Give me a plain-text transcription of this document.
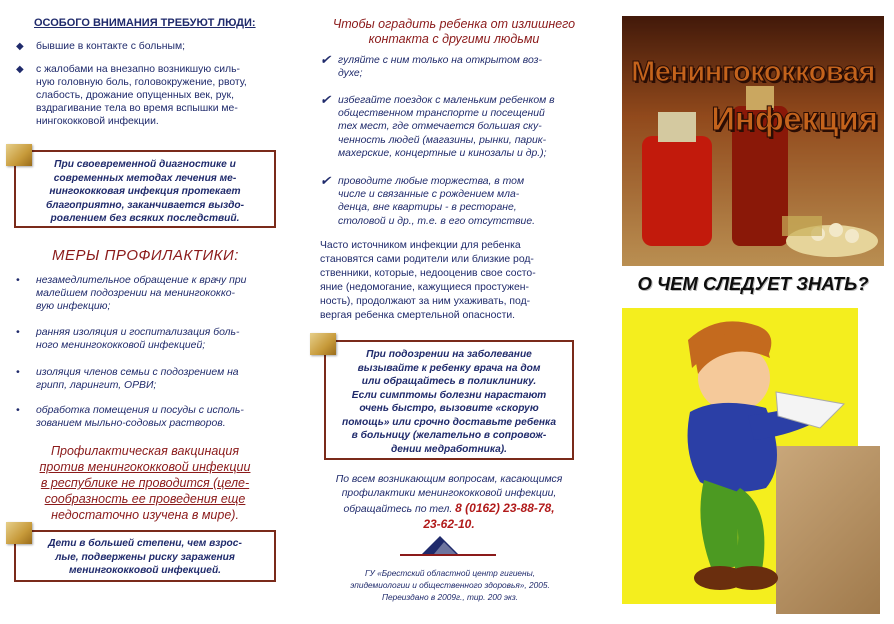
ОСОБОГО ВНИМАНИЯ ТРЕБУЮТ ЛЮДИ:
◆ бывшие в контакте с больным;
◆ с жалобами на внезапно возникшую силь-
ную головную боль, головокружение, рвоту,
слабость, дрожание опущенных век, рук,
вздрагивание тела во время вспышки ме-
нингококковой инфекции.
При своевременной диагностике и
современных методах лечения ме-
нингококковая инфекция протекает
благоприятно, заканчивается выздо-
ровлением без всяких последствий.
МЕРЫ ПРОФИЛАКТИКИ:
• незамедлительное обращение к врачу при
малейшем подозрении на менингококко-
вую инфекцию;
• ранняя изоляция и госпитализация боль-
ного менингококковой инфекцией;
• изоляция членов семьи с подозрением на
грипп, ларингит, ОРВИ;
• обработка помещения и посуды с исполь-
зованием мыльно-содовых растворов.
Профилактическая вакцинация
против менингококковой инфекции
в республике не проводится (целе-
сообразность ее проведения еще
недостаточно изучена в мире).
Дети в большей степени, чем взрос-
лые, подвержены риску заражения
менингококковой инфекцией.
Чтобы оградить ребенка от излишнего
контакта с другими людьми
✔ гуляйте с ним только на открытом воз-
духе;
✔ избегайте поездок с маленьким ребенком в
общественном транспорте и посещений
тех мест, где отмечается большая ску-
ченность людей (магазины, рынки, парик-
махерские, концертные и кинозалы и др.);
✔ проводите любые торжества, в том
числе и связанные с рождением мла-
денца, вне квартиры - в ресторане,
столовой и др., т.е. в его отсутствие.
Часто источником инфекции для ребенка
становятся сами родители или близкие род-
ственники, которые, недооценив свое состо-
яние (недомогание, кажущиеся простужен-
ность), продолжают за ним ухаживать, под-
вергая ребенка смертельной опасности.
При подозрении на заболевание
вызывайте к ребенку врача на дом
или обращайтесь в поликлинику.
Если симптомы болезни нарастают
очень быстро, вызовите «скорую
помощь» или срочно доставьте ребенка
в больницу (желательно в сопровож-
дении медработника).
По всем возникающим вопросам, касающимся
профилактики менингококковой инфекции,
обращайтесь по тел. 8 (0162) 23-88-78,
23-62-10.
ГУ «Брестский областной центр гигиены,
эпидемиологии и общественного здоровья», 2005.
Переиздано в 2009г., тир. 200 экз.
Менингококковая
Инфекция
О ЧЕМ СЛЕДУЕТ ЗНАТЬ?
